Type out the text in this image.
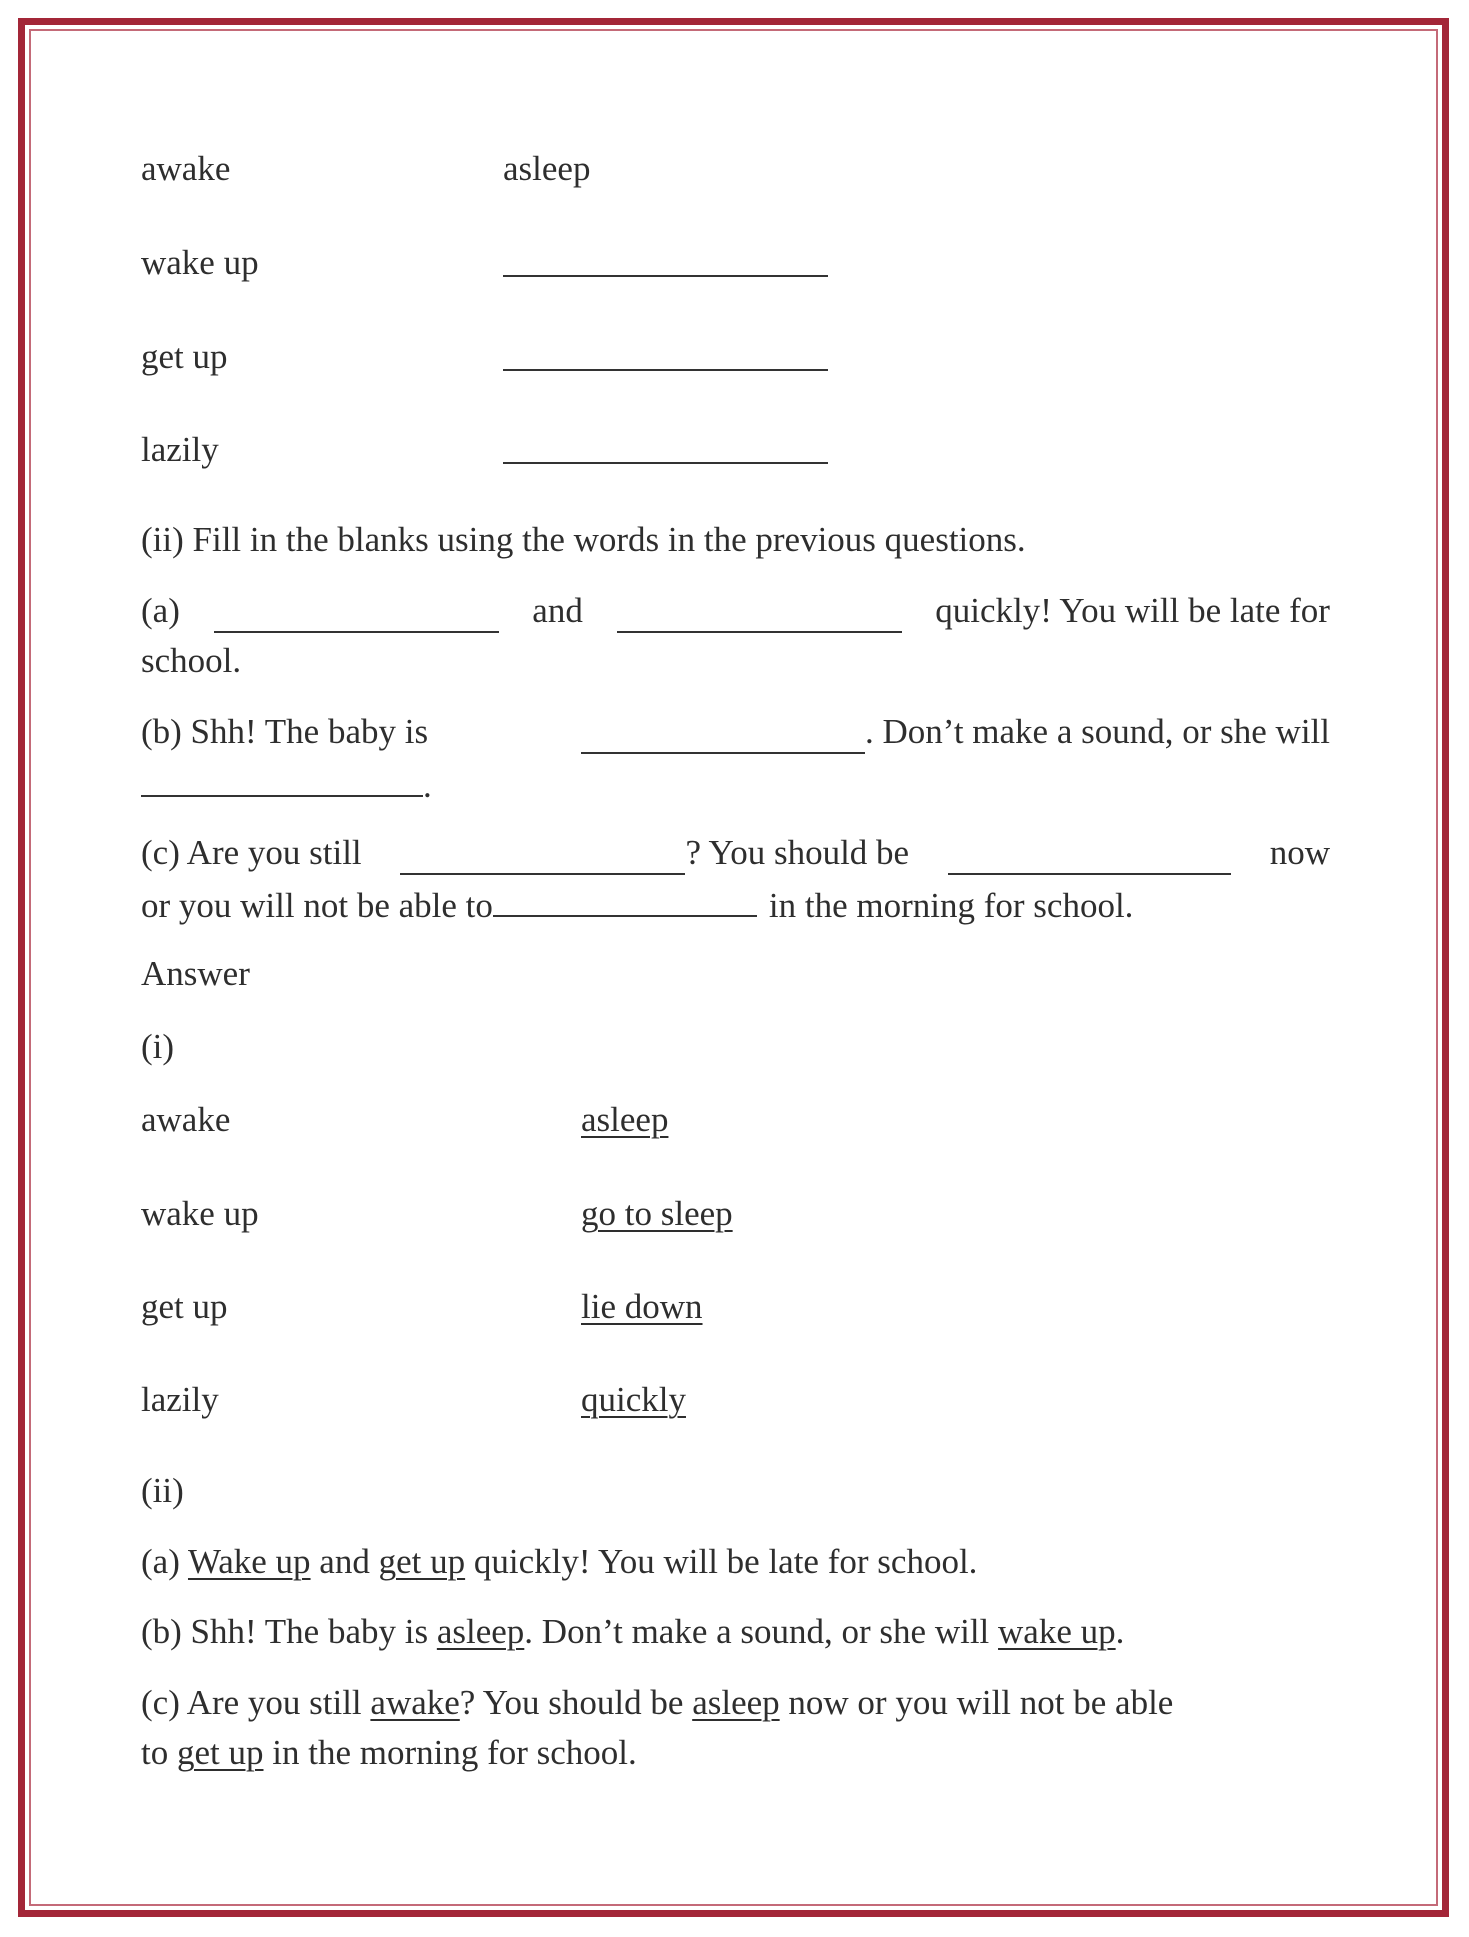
awake	asleep
wake up
get up
lazily
(ii) Fill in the blanks using the words in the previous questions.
(a)	and	quickly! You will be late for
school.
(b) Shh! The baby is	. Don’t make a sound, or she will
.
(c) Are you still	? You should be	now
or you will not be able to	in the morning for school.
Answer
(i)
awake	asleep
wake up	go to sleep
get up	lie down
lazily	quickly
(ii)
(a) Wake up and get up quickly! You will be late for school.
(b) Shh! The baby is asleep. Don’t make a sound, or she will wake up.
(c) Are you still awake? You should be asleep now or you will not be able
to get up in the morning for school.
